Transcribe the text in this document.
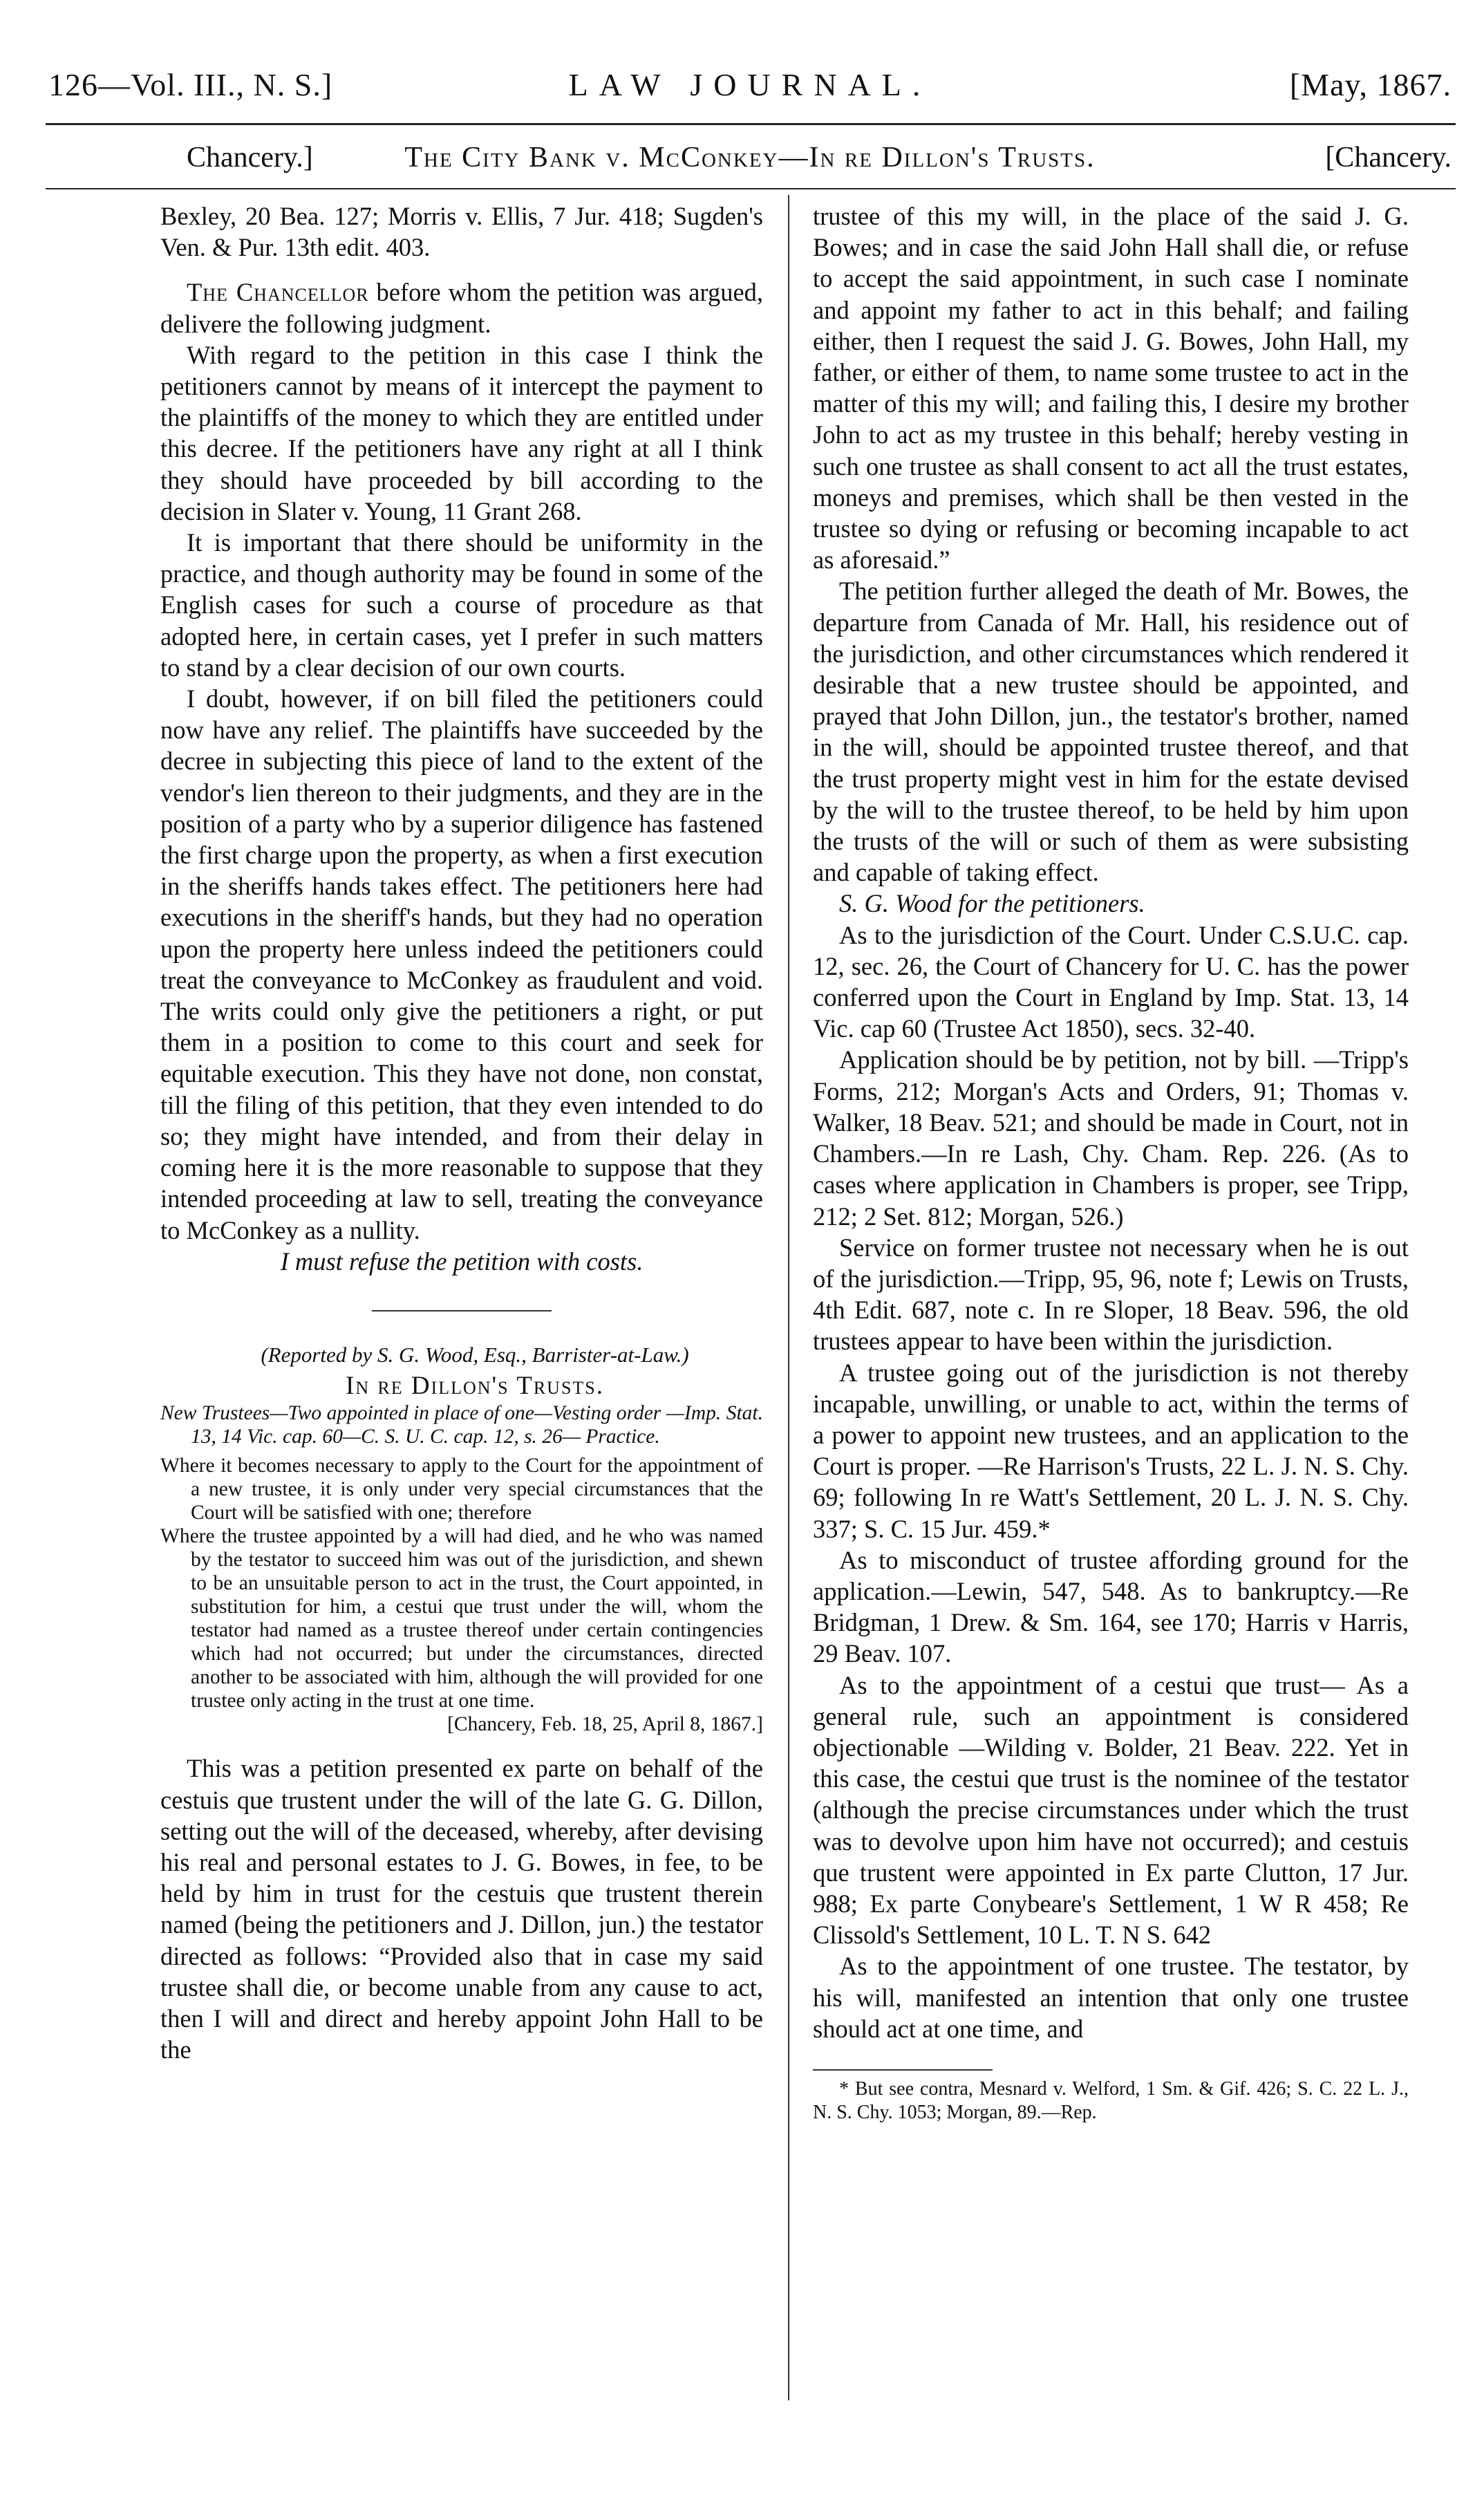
126—Vol. III., N. S.]	LAW JOURNAL.	[May, 1867.
Chancery.]	The City Bank v. McConkey—In re Dillon's Trusts.	[Chancery.

Bexley, 20 Bea. 127; Morris v. Ellis, 7 Jur. 418; Sugden's Ven. & Pur. 13th edit. 403.

The Chancellor before whom the petition was argued, delivere the following judgment.

With regard to the petition in this case I think the petitioners cannot by means of it intercept the payment to the plaintiffs of the money to which they are entitled under this decree. If the petitioners have any right at all I think they should have proceeded by bill according to the decision in Slater v. Young, 11 Grant 268.

It is important that there should be uniformity in the practice, and though authority may be found in some of the English cases for such a course of procedure as that adopted here, in certain cases, yet I prefer in such matters to stand by a clear decision of our own courts.

I doubt, however, if on bill filed the petitioners could now have any relief. The plaintiffs have succeeded by the decree in subjecting this piece of land to the extent of the vendor's lien thereon to their judgments, and they are in the position of a party who by a superior diligence has fastened the first charge upon the property, as when a first execution in the sheriffs hands takes effect. The petitioners here had executions in the sheriff's hands, but they had no operation upon the property here unless indeed the petitioners could treat the conveyance to McConkey as fraudulent and void. The writs could only give the petitioners a right, or put them in a position to come to this court and seek for equitable execution. This they have not done, non constat, till the filing of this petition, that they even intended to do so; they might have intended, and from their delay in coming here it is the more reasonable to suppose that they intended proceeding at law to sell, treating the conveyance to McConkey as a nullity.

I must refuse the petition with costs.

(Reported by S. G. Wood, Esq., Barrister-at-Law.)

In re Dillon's Trusts.

New Trustees—Two appointed in place of one—Vesting order —Imp. Stat. 13, 14 Vic. cap. 60—C. S. U. C. cap. 12, s. 26— Practice.

Where it becomes necessary to apply to the Court for the appointment of a new trustee, it is only under very special circumstances that the Court will be satisfied with one; therefore

Where the trustee appointed by a will had died, and he who was named by the testator to succeed him was out of the jurisdiction, and shewn to be an unsuitable person to act in the trust, the Court appointed, in substitution for him, a cestui que trust under the will, whom the testator had named as a trustee thereof under certain contingencies which had not occurred; but under the circumstances, directed another to be associated with him, although the will provided for one trustee only acting in the trust at one time.

[Chancery, Feb. 18, 25, April 8, 1867.]

This was a petition presented ex parte on behalf of the cestuis que trustent under the will of the late G. G. Dillon, setting out the will of the deceased, whereby, after devising his real and personal estates to J. G. Bowes, in fee, to be held by him in trust for the cestuis que trustent therein named (being the petitioners and J. Dillon, jun.) the testator directed as follows: “Provided also that in case my said trustee shall die, or become unable from any cause to act, then I will and direct and hereby appoint John Hall to be the

trustee of this my will, in the place of the said J. G. Bowes; and in case the said John Hall shall die, or refuse to accept the said appointment, in such case I nominate and appoint my father to act in this behalf; and failing either, then I request the said J. G. Bowes, John Hall, my father, or either of them, to name some trustee to act in the matter of this my will; and failing this, I desire my brother John to act as my trustee in this behalf; hereby vesting in such one trustee as shall consent to act all the trust estates, moneys and premises, which shall be then vested in the trustee so dying or refusing or becoming incapable to act as aforesaid.”

The petition further alleged the death of Mr. Bowes, the departure from Canada of Mr. Hall, his residence out of the jurisdiction, and other circumstances which rendered it desirable that a new trustee should be appointed, and prayed that John Dillon, jun., the testator's brother, named in the will, should be appointed trustee thereof, and that the trust property might vest in him for the estate devised by the will to the trustee thereof, to be held by him upon the trusts of the will or such of them as were subsisting and capable of taking effect.

S. G. Wood for the petitioners.

As to the jurisdiction of the Court. Under C.S.U.C. cap. 12, sec. 26, the Court of Chancery for U. C. has the power conferred upon the Court in England by Imp. Stat. 13, 14 Vic. cap 60 (Trustee Act 1850), secs. 32-40.

Application should be by petition, not by bill. —Tripp's Forms, 212; Morgan's Acts and Orders, 91; Thomas v. Walker, 18 Beav. 521; and should be made in Court, not in Chambers.—In re Lash, Chy. Cham. Rep. 226. (As to cases where application in Chambers is proper, see Tripp, 212; 2 Set. 812; Morgan, 526.)

Service on former trustee not necessary when he is out of the jurisdiction.—Tripp, 95, 96, note f; Lewis on Trusts, 4th Edit. 687, note c. In re Sloper, 18 Beav. 596, the old trustees appear to have been within the jurisdiction.

A trustee going out of the jurisdiction is not thereby incapable, unwilling, or unable to act, within the terms of a power to appoint new trustees, and an application to the Court is proper. —Re Harrison's Trusts, 22 L. J. N. S. Chy. 69; following In re Watt's Settlement, 20 L. J. N. S. Chy. 337; S. C. 15 Jur. 459.*

As to misconduct of trustee affording ground for the application.—Lewin, 547, 548. As to bankruptcy.—Re Bridgman, 1 Drew. & Sm. 164, see 170; Harris v Harris, 29 Beav. 107.

As to the appointment of a cestui que trust— As a general rule, such an appointment is considered objectionable —Wilding v. Bolder, 21 Beav. 222. Yet in this case, the cestui que trust is the nominee of the testator (although the precise circumstances under which the trust was to devolve upon him have not occurred); and cestuis que trustent were appointed in Ex parte Clutton, 17 Jur. 988; Ex parte Conybeare's Settlement, 1 W R 458; Re Clissold's Settlement, 10 L. T. N S. 642

As to the appointment of one trustee. The testator, by his will, manifested an intention that only one trustee should act at one time, and

* But see contra, Mesnard v. Welford, 1 Sm. & Gif. 426; S. C. 22 L. J., N. S. Chy. 1053; Morgan, 89.—Rep.
